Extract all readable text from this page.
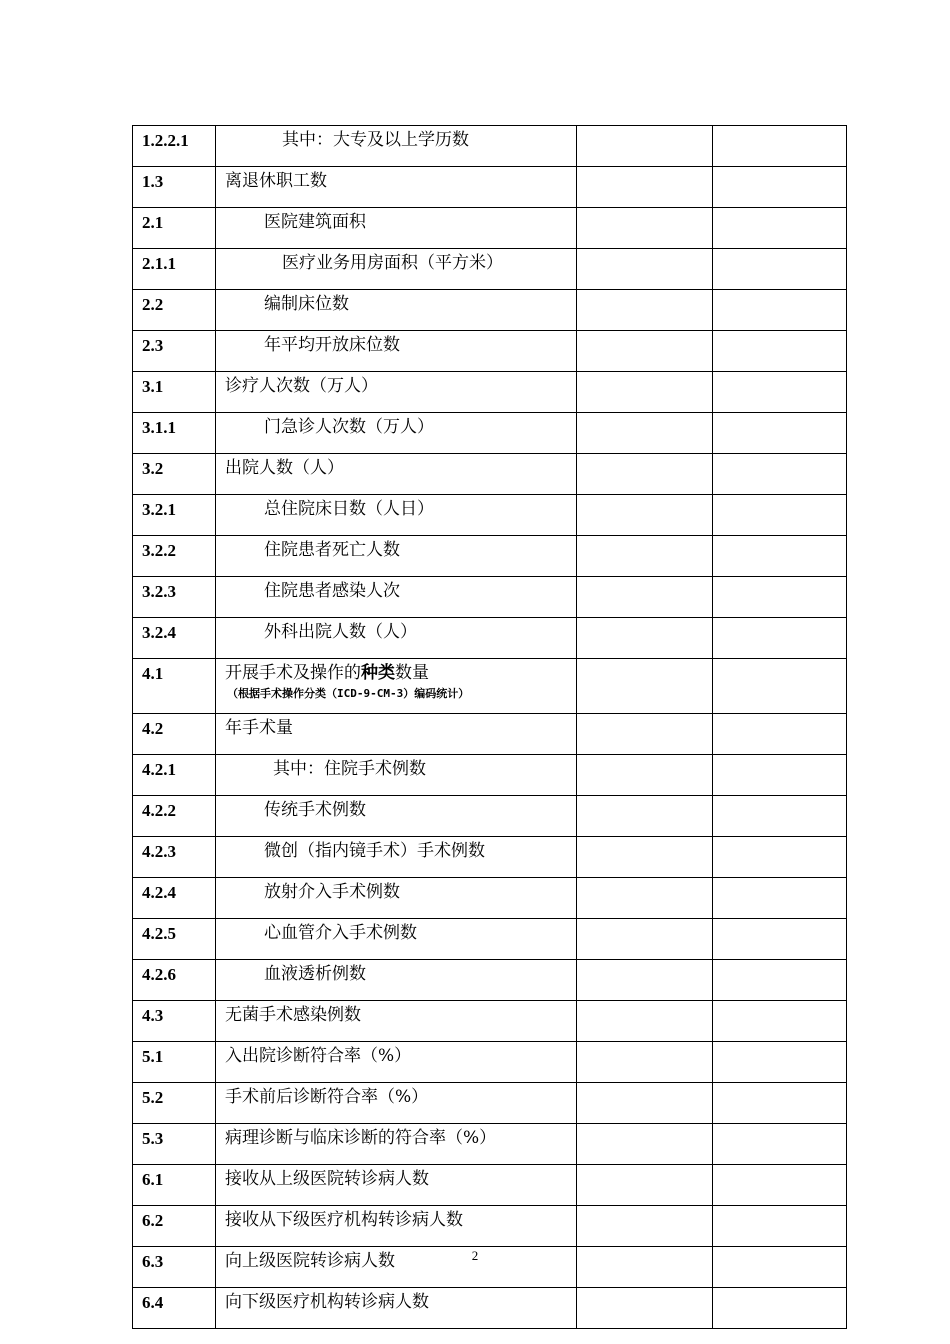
1.2.2.1	其中：大专及以上学历数		
1.3	离退休职工数		
2.1	医院建筑面积		
2.1.1	医疗业务用房面积（平方米）		
2.2	编制床位数		
2.3	年平均开放床位数		
3.1	诊疗人次数（万人）		
3.1.1	门急诊人次数（万人）		
3.2	出院人数（人）		
3.2.1	总住院床日数（人日）		
3.2.2	住院患者死亡人数		
3.2.3	住院患者感染人次		
3.2.4	外科出院人数（人）		
4.1	开展手术及操作的种类数量
（根据手术操作分类（ICD-9-CM-3）编码统计）		

4.2	年手术量		
4.2.1	其中：住院手术例数		
4.2.2	传统手术例数		
4.2.3	微创（指内镜手术）手术例数		
4.2.4	放射介入手术例数		
4.2.5	心血管介入手术例数		
4.2.6	血液透析例数		
4.3	无菌手术感染例数		
5.1	入出院诊断符合率（%）		
5.2	手术前后诊断符合率（%）		
5.3	病理诊断与临床诊断的符合率（%）		
6.1	接收从上级医院转诊病人数		
6.2	接收从下级医疗机构转诊病人数		
6.3	向上级医院转诊病人数		
6.4	向下级医疗机构转诊病人数		
2
